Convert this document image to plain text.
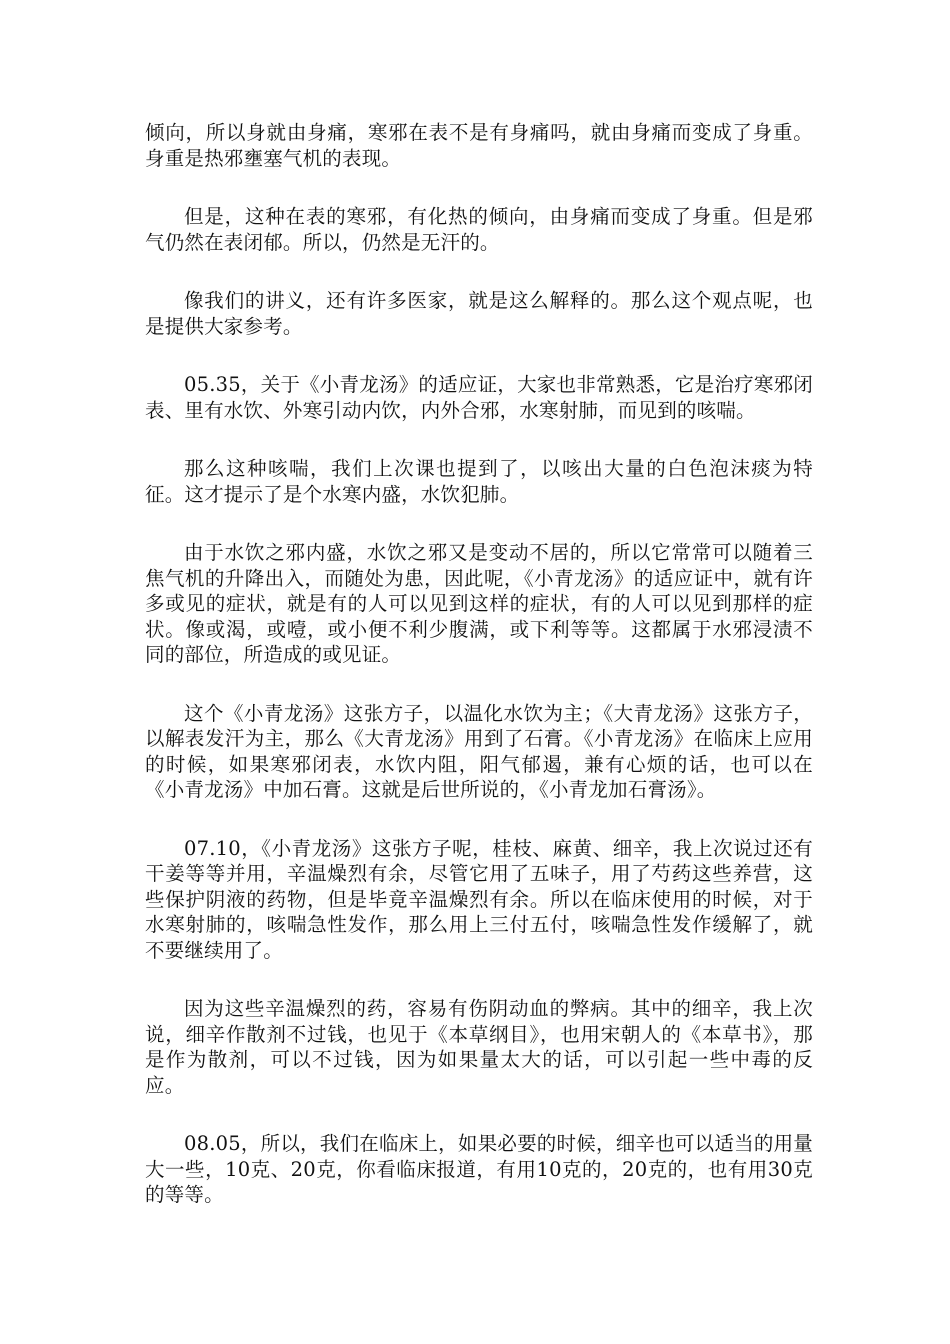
倾向，所以身就由身痛，寒邪在表不是有身痛吗，就由身痛而变成了身重。身重是热邪壅塞气机的表现。

但是，这种在表的寒邪，有化热的倾向，由身痛而变成了身重。但是邪气仍然在表闭郁。所以，仍然是无汗的。

像我们的讲义，还有许多医家，就是这么解释的。那么这个观点呢，也是提供大家参考。

05.35，关于《小青龙汤》的适应证，大家也非常熟悉，它是治疗寒邪闭表、里有水饮、外寒引动内饮，内外合邪，水寒射肺，而见到的咳喘。

那么这种咳喘，我们上次课也提到了，以咳出大量的白色泡沫痰为特征。这才提示了是个水寒内盛，水饮犯肺。

由于水饮之邪内盛，水饮之邪又是变动不居的，所以它常常可以随着三焦气机的升降出入，而随处为患，因此呢，《小青龙汤》的适应证中，就有许多或见的症状，就是有的人可以见到这样的症状，有的人可以见到那样的症状。像或渴，或噎，或小便不利少腹满，或下利等等。这都属于水邪浸渍不同的部位，所造成的或见证。

这个《小青龙汤》这张方子，以温化水饮为主；《大青龙汤》这张方子，以解表发汗为主，那么《大青龙汤》用到了石膏。《小青龙汤》在临床上应用的时候，如果寒邪闭表，水饮内阻，阳气郁遏，兼有心烦的话，也可以在《小青龙汤》中加石膏。这就是后世所说的，《小青龙加石膏汤》。

07.10，《小青龙汤》这张方子呢，桂枝、麻黄、细辛，我上次说过还有干姜等等并用，辛温燥烈有余，尽管它用了五味子，用了芍药这些养营，这些保护阴液的药物，但是毕竟辛温燥烈有余。所以在临床使用的时候，对于水寒射肺的，咳喘急性发作，那么用上三付五付，咳喘急性发作缓解了，就不要继续用了。

因为这些辛温燥烈的药，容易有伤阴动血的弊病。其中的细辛，我上次说，细辛作散剂不过钱，也见于《本草纲目》，也用宋朝人的《本草书》，那是作为散剂，可以不过钱，因为如果量太大的话，可以引起一些中毒的反应。

08.05，所以，我们在临床上，如果必要的时候，细辛也可以适当的用量大一些，10克、20克，你看临床报道，有用10克的，20克的，也有用30克的等等。
